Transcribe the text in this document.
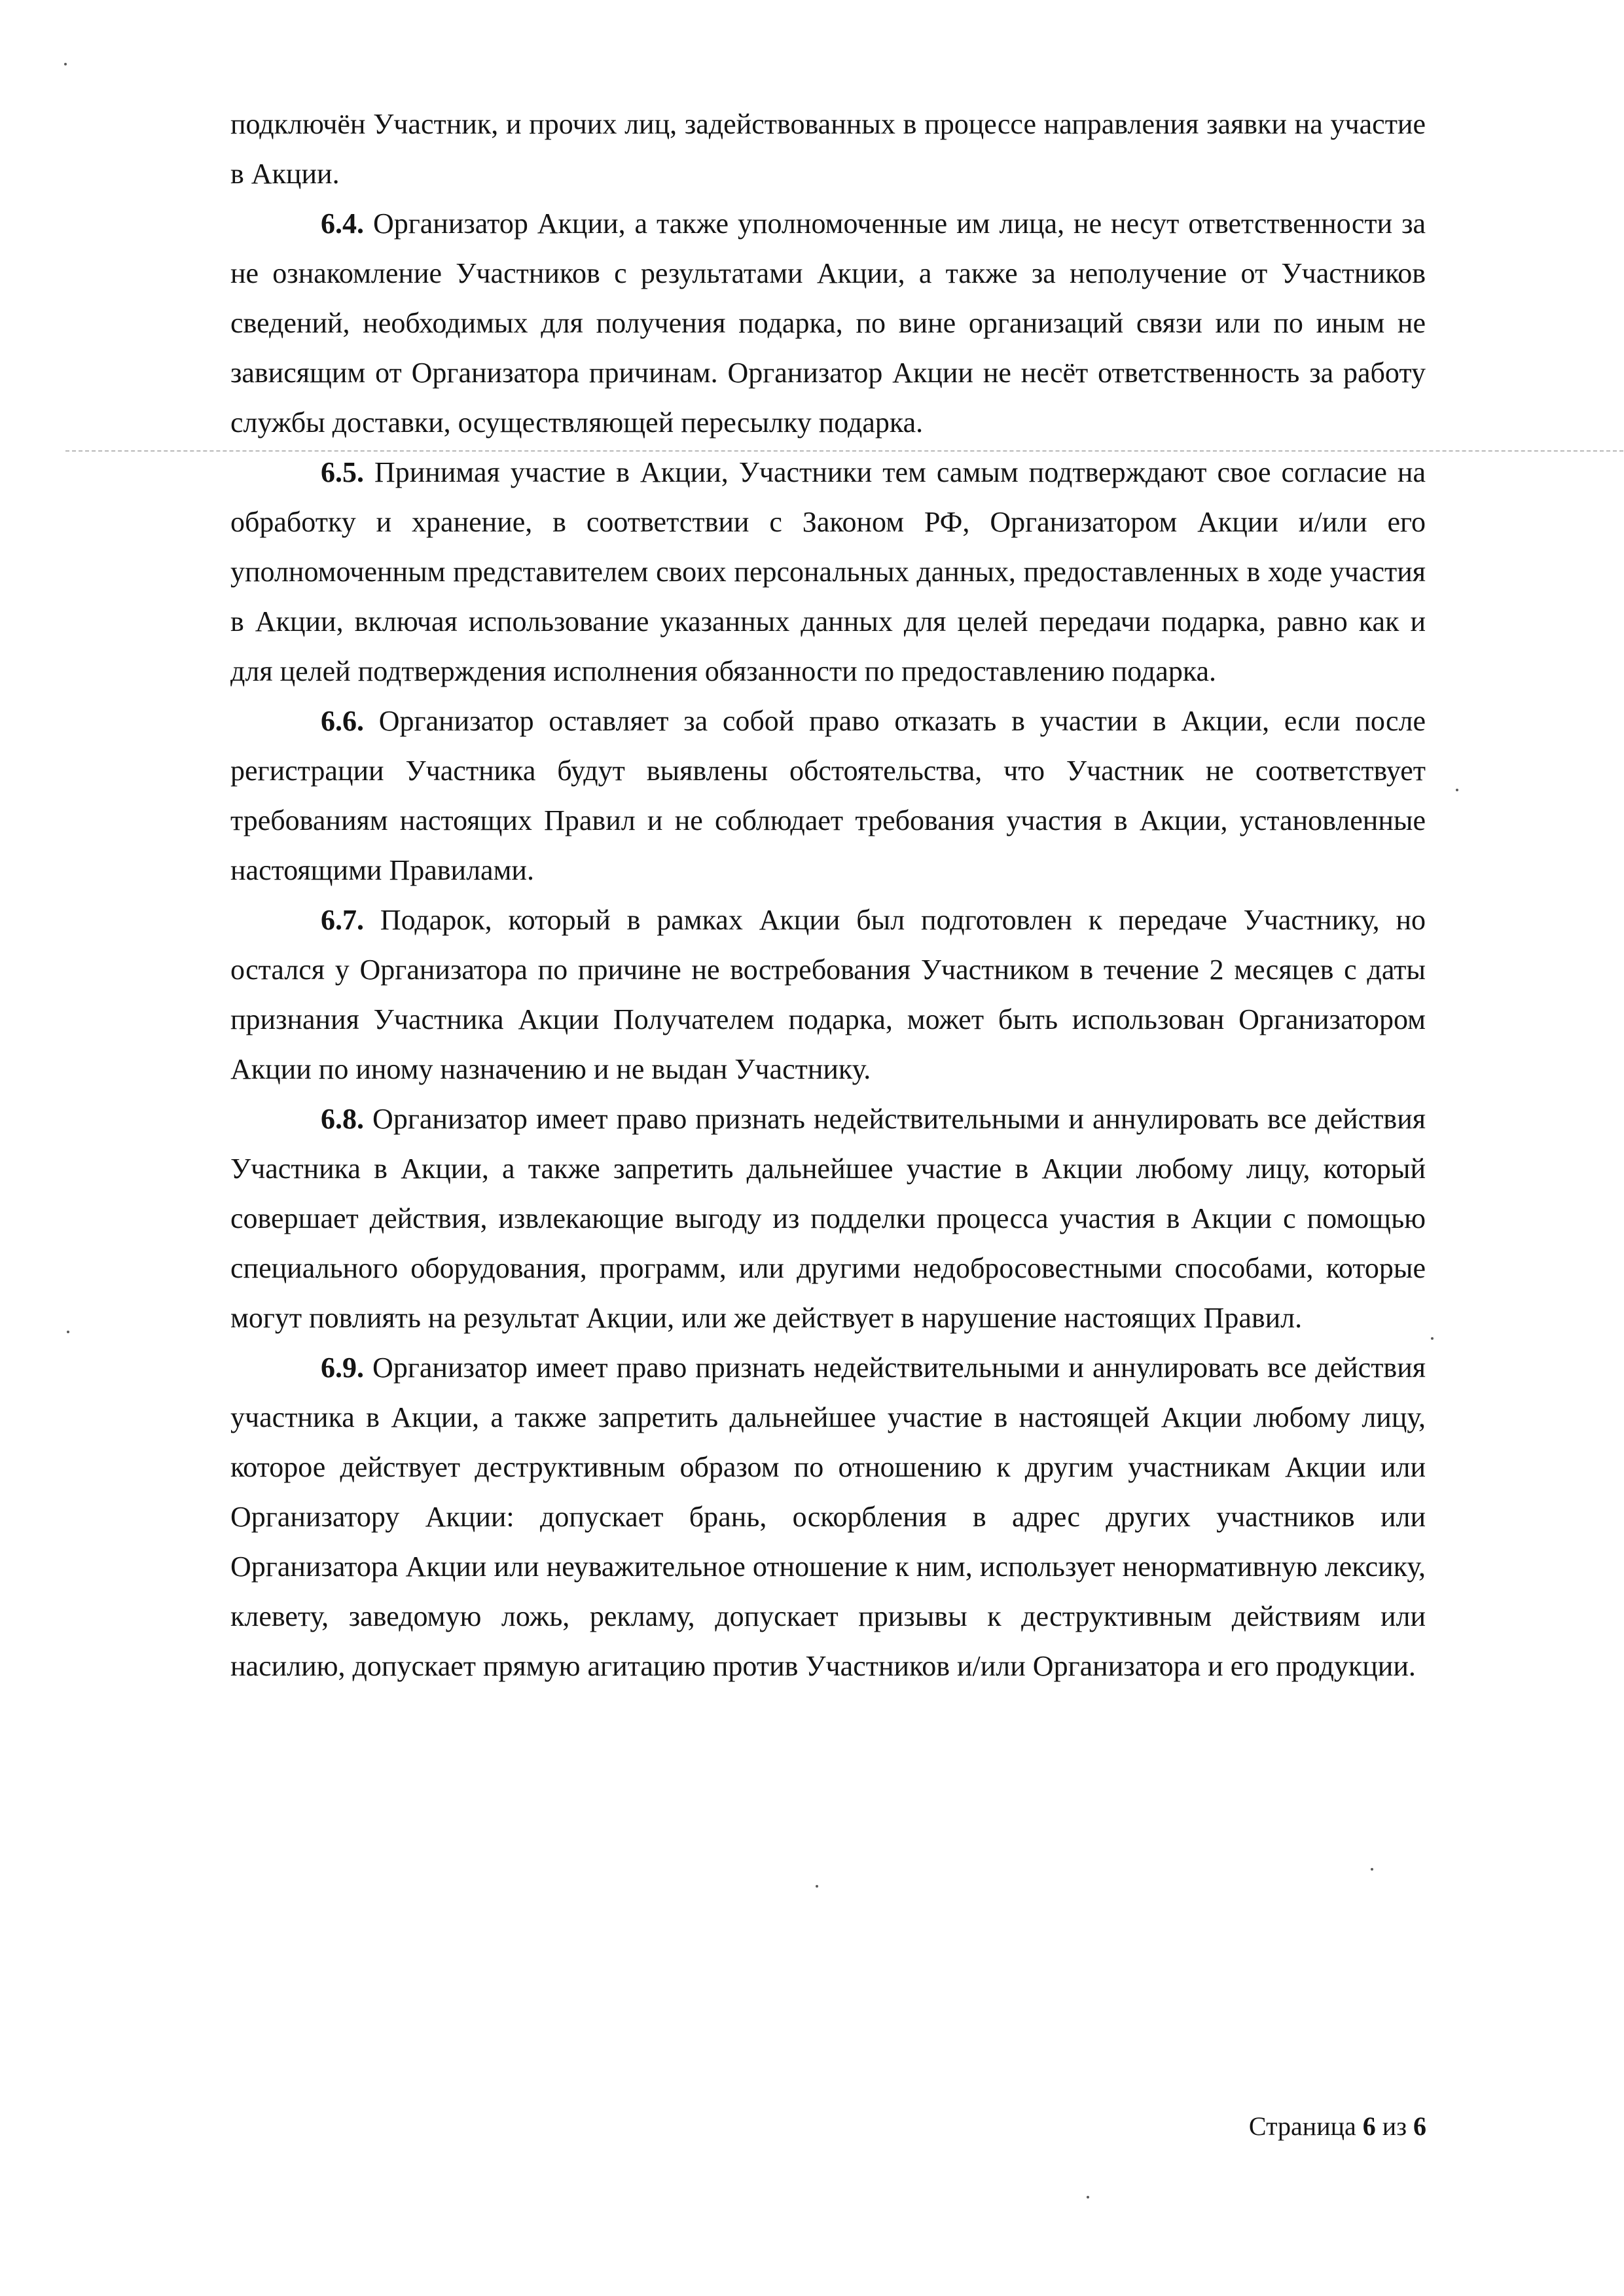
подключён Участник, и прочих лиц, задействованных в процессе направления заявки на участие в Акции.

6.4. Организатор Акции, а также уполномоченные им лица, не несут ответственности за не ознакомление Участников с результатами Акции, а также за неполучение от Участников сведений, необходимых для получения подарка, по вине организаций связи или по иным не зависящим от Организатора причинам. Организатор Акции не несёт ответственность за работу службы доставки, осуществляющей пересылку подарка.

6.5. Принимая участие в Акции, Участники тем самым подтверждают свое согласие на обработку и хранение, в соответствии с Законом РФ, Организатором Акции и/или его уполномоченным представителем своих персональных данных, предоставленных в ходе участия в Акции, включая использование указанных данных для целей передачи подарка, равно как и для целей подтверждения исполнения обязанности по предоставлению подарка.

6.6. Организатор оставляет за собой право отказать в участии в Акции, если после регистрации Участника будут выявлены обстоятельства, что Участник не соответствует требованиям настоящих Правил и не соблюдает требования участия в Акции, установленные настоящими Правилами.

6.7. Подарок, который в рамках Акции был подготовлен к передаче Участнику, но остался у Организатора по причине не востребования Участником в течение 2 месяцев с даты признания Участника Акции Получателем подарка, может быть использован Организатором Акции по иному назначению и не выдан Участнику.

6.8. Организатор имеет право признать недействительными и аннулировать все действия Участника в Акции, а также запретить дальнейшее участие в Акции любому лицу, который совершает действия, извлекающие выгоду из подделки процесса участия в Акции с помощью специального оборудования, программ, или другими недобросовестными способами, которые могут повлиять на результат Акции, или же действует в нарушение настоящих Правил.

6.9. Организатор имеет право признать недействительными и аннулировать все действия участника в Акции, а также запретить дальнейшее участие в настоящей Акции любому лицу, которое действует деструктивным образом по отношению к другим участникам Акции или Организатору Акции: допускает брань, оскорбления в адрес других участников или Организатора Акции или неуважительное отношение к ним, использует ненормативную лексику, клевету, заведомую ложь, рекламу, допускает призывы к деструктивным действиям или насилию, допускает прямую агитацию против Участников и/или Организатора и его продукции.

Страница 6 из 6
